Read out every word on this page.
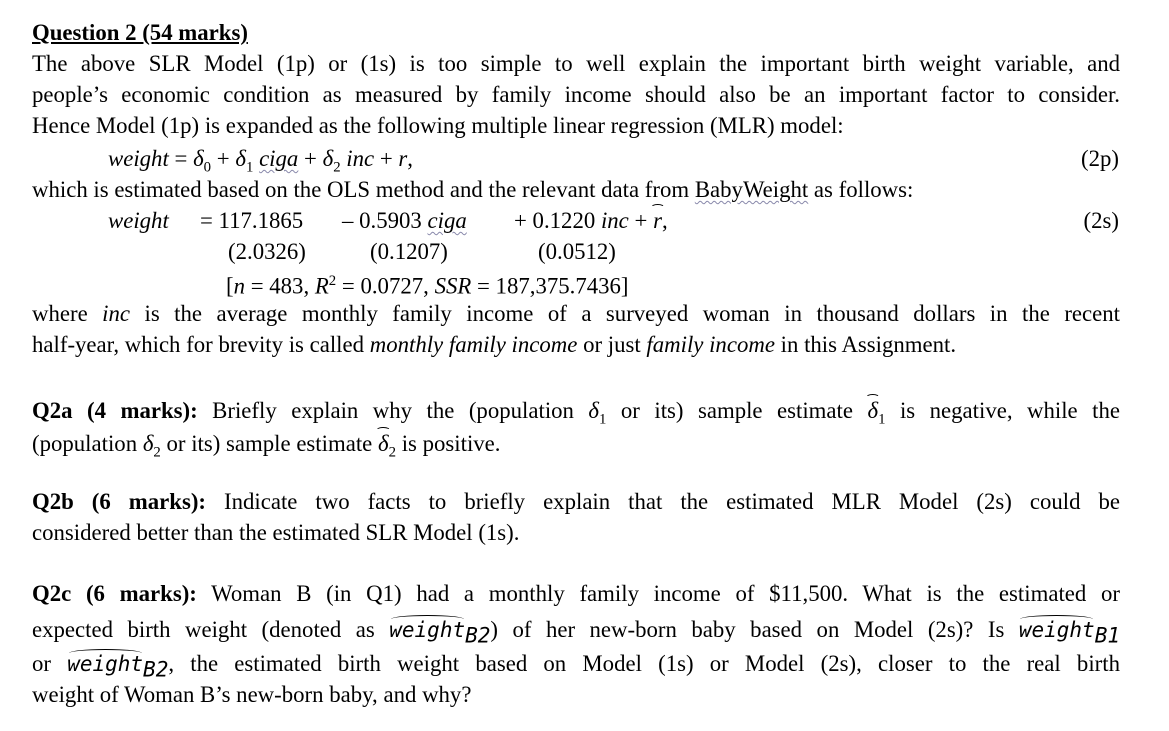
Question 2 (54 marks)
The above SLR Model (1p) or (1s) is too simple to well explain the important birth weight variable, and
people’s economic condition as measured by family income should also be an important factor to consider.
Hence Model (1p) is expanded as the following multiple linear regression (MLR) model:
weight = $\delta_0 + \delta_1$ ciga + $\delta_2$ inc + r,	(2p)
which is estimated based on the OLS method and the relevant data from BabyWeight as follows:
weight = 117.1865 – 0.5903 ciga + 0.1220 inc + r,	(2s)
(2.0326)	(0.1207)	(0.0512)
[n = 483, $R^2 = 0.0727$, SSR = 187,375.7436]
where inc is the average monthly family income of a surveyed woman in thousand dollars in the recent
half-year, which for brevity is called monthly family income or just family income in this Assignment.
Q2a (4 marks): Briefly explain why the (population $\delta_1$ or its) sample estimate $\delta_1$ is negative, while the
(population $\delta_2$ or its) sample estimate $\delta_2$ is positive.
Q2b (6 marks): Indicate two facts to briefly explain that the estimated MLR Model (2s) could be
considered better than the estimated SLR Model (1s).
Q2c (6 marks): Woman B (in Q1) had a monthly family income of $11,500. What is the estimated or
expected birth weight (denoted as weight$_{B2}$) of her new-born baby based on Model (2s)? Is weight$_{B1}$
or weight$_{B2}$, the estimated birth weight based on Model (1s) or Model (2s), closer to the real birth
weight of Woman B’s new-born baby, and why?
